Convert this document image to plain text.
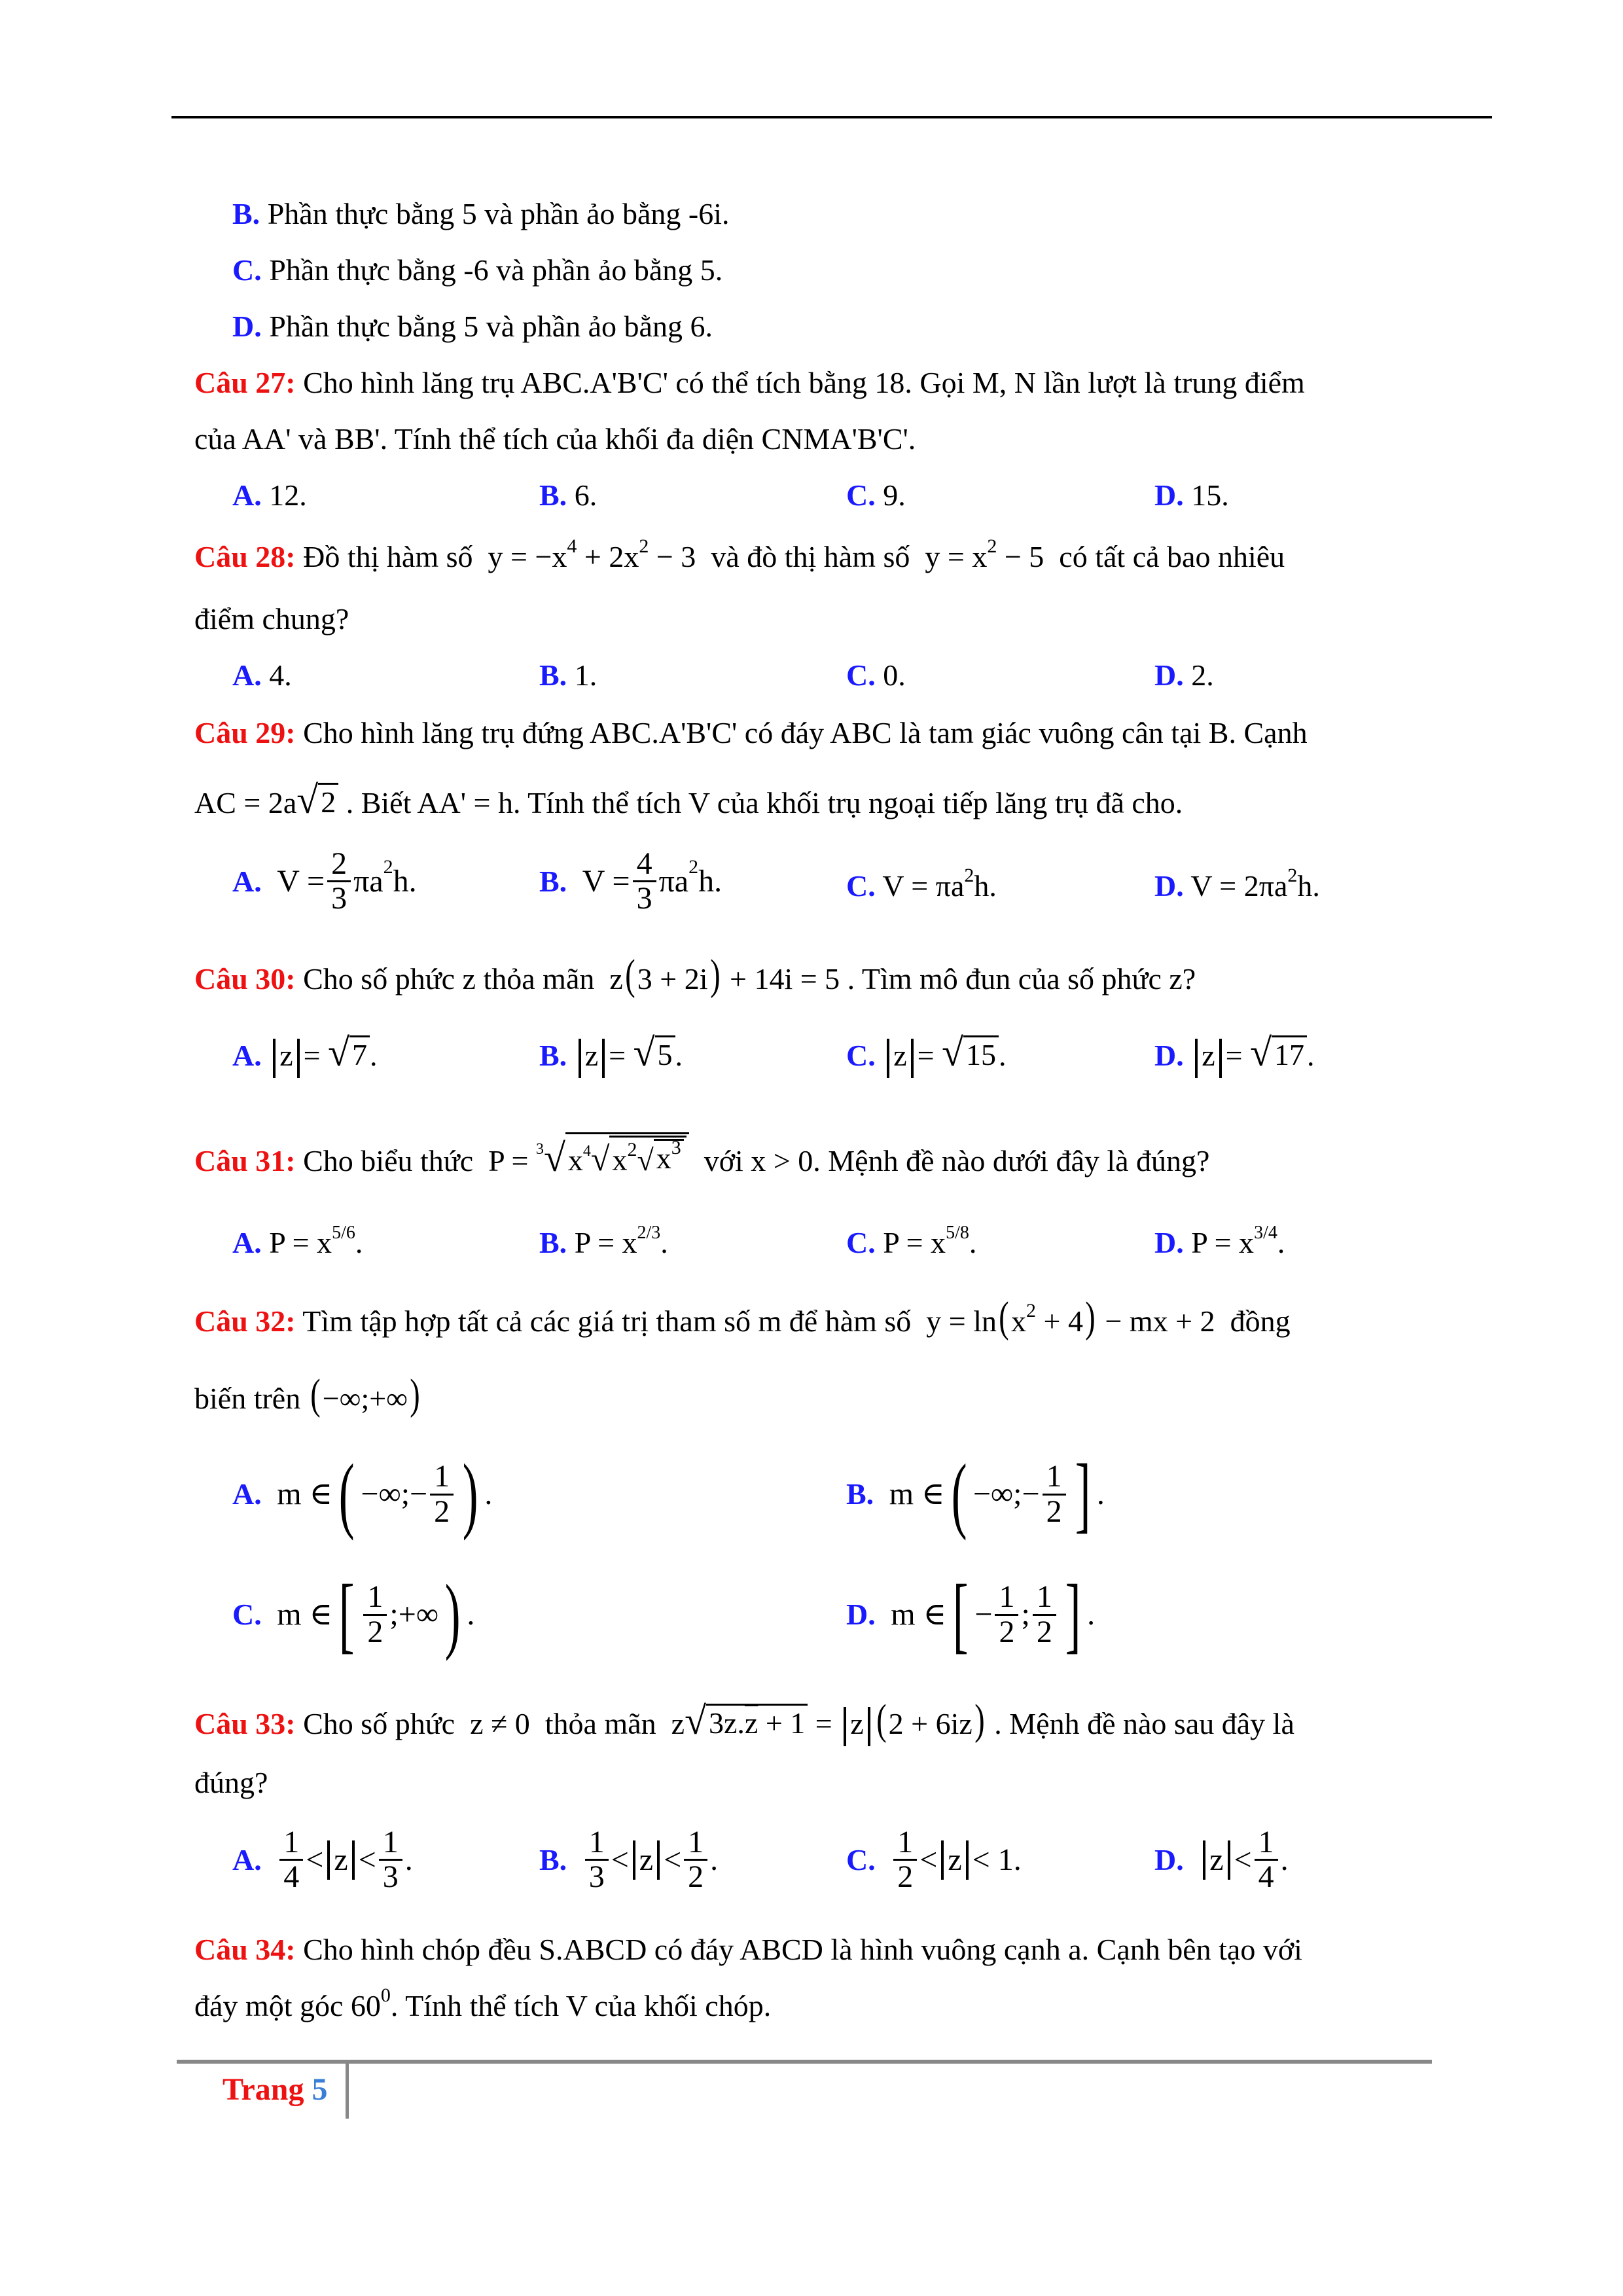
B. Phần thực bằng 5 và phần ảo bằng -6i.
C. Phần thực bằng -6 và phần ảo bằng 5.
D. Phần thực bằng 5 và phần ảo bằng 6.
Câu 27: Cho hình lăng trụ ABC.A'B'C' có thể tích bằng 18. Gọi M, N lần lượt là trung điểm
của AA' và BB'. Tính thể tích của khối đa diện CNMA'B'C'.
A. 12.	B. 6.	C. 9.	D. 15.
Câu 28: Đồ thị hàm số  $y = -x^4 + 2x^2 - 3$  và đò thị hàm số  $y = x^2 - 5$  có tất cả bao nhiêu
điểm chung?
A. 4.	B. 1.	C. 0.	D. 2.
Câu 29: Cho hình lăng trụ đứng ABC.A'B'C' có đáy ABC là tam giác vuông cân tại B. Cạnh
AC = 2a √ 2 . Biết AA' = h. Tính thể tích V của khối trụ ngoại tiếp lăng trụ đã cho.
A.  $V = \frac{2}{3}$ πa 2 h.	B.  $V = \frac{4}{3}$ πa 2 h.	C. $V = \pi a^2h$.	D. $V = 2\pi a^2h$.
Câu 30: Cho số phức z thỏa mãn  z(3 + 2i) + 14i = 5 . Tìm mô đun của số phức z?
A. z = √ 7 .	B. z = √ 5 .	C. z = √ 15 .	D. z = √ 17 .
Câu 31: Cho biểu thức  P = $^3$ √ $x^4$ √ $x^2$ √ $x^3$ với x > 0. Mệnh đề nào dưới đây là đúng?
A. $P = x^{5/6}$.	B. $P = x^{2/3}$.	C. $P = x^{5/8}$.	D. $P = x^{3/4}$.
Câu 32: Tìm tập hợp tất cả các giá trị tham số m để hàm số  $y = \ln(x^2 + 4)$ − mx + 2  đồng
biến trên (−∞;+∞)
A.  m ∈ ( −∞;− $\frac{1}{2}$ ) .	B.  m ∈ ( −∞;− $\frac{1}{2}$ ] .
C.  m ∈ [ $\frac{1}{2}$ ;+∞ ) .	D.  m ∈ [ − $\frac{1}{2}$ ; $\frac{1}{2}$ ] .
Câu 33: Cho số phức  z ≠ 0  thỏa mãn  z √ $3z.\overline{z} + 1 = z$ (2 + 6iz) . Mệnh đề nào sau đây là
đúng?
A. $\frac{1}{4} < z < \frac{1}{3}$ .	B. $\frac{1}{3} < z < \frac{1}{2}$ .	C. $\frac{1}{2} < z < 1$.	D. $z < \frac{1}{4}$ .
Câu 34: Cho hình chóp đều S.ABCD có đáy ABCD là hình vuông cạnh a. Cạnh bên tạo với
đáy một góc $60^0$. Tính thể tích V của khối chóp.
Trang 5
